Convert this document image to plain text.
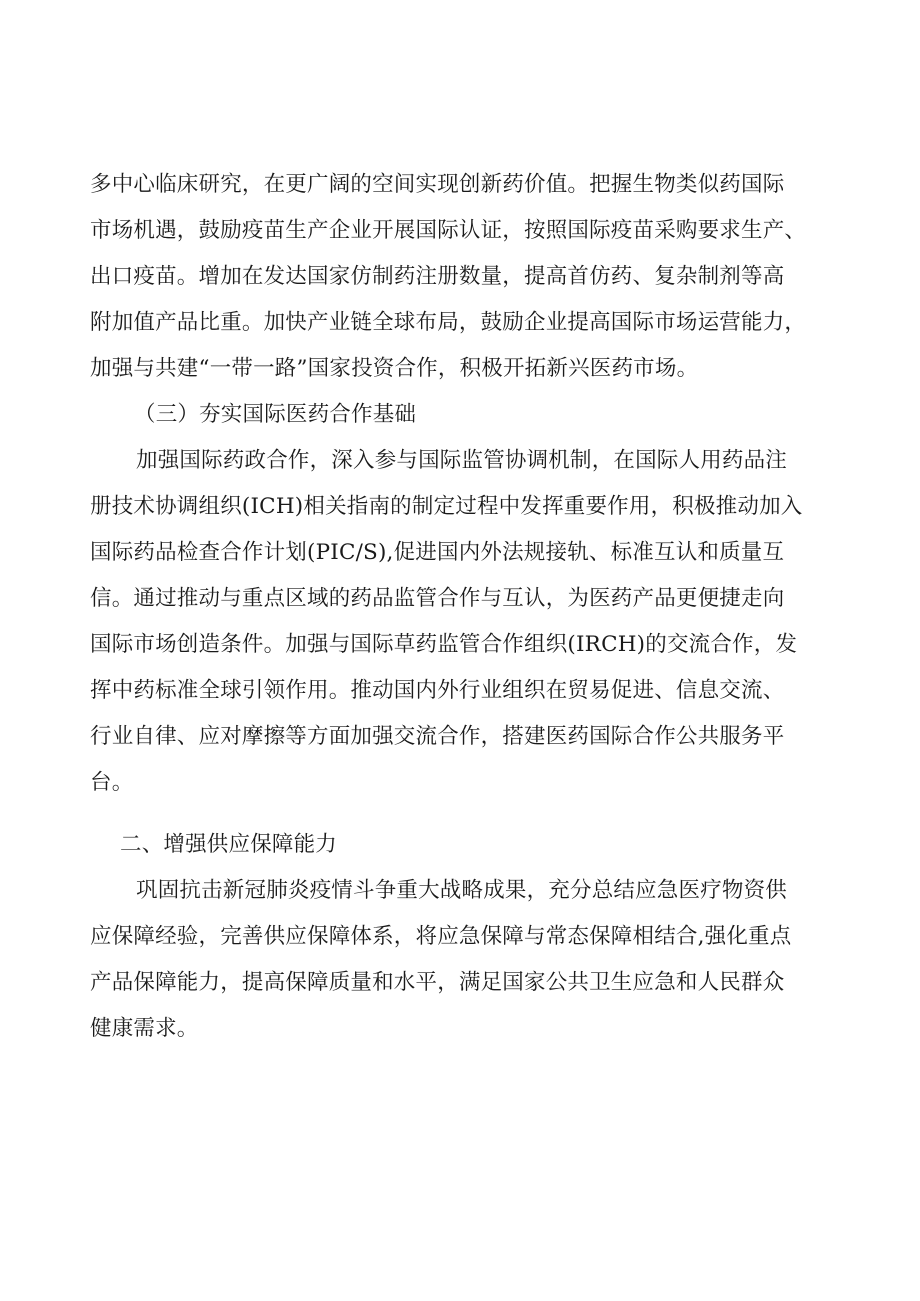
多中心临床研究，在更广阔的空间实现创新药价值。把握生物类似药国际
市场机遇，鼓励疫苗生产企业开展国际认证，按照国际疫苗采购要求生产、
出口疫苗。增加在发达国家仿制药注册数量，提高首仿药、复杂制剂等高
附加值产品比重。加快产业链全球布局，鼓励企业提高国际市场运营能力，
加强与共建“一带一路”国家投资合作，积极开拓新兴医药市场。
（三）夯实国际医药合作基础
加强国际药政合作，深入参与国际监管协调机制，在国际人用药品注
册技术协调组织(ICH)相关指南的制定过程中发挥重要作用，积极推动加入
国际药品检查合作计划(PIC/S),促进国内外法规接轨、标准互认和质量互
信。通过推动与重点区域的药品监管合作与互认，为医药产品更便捷走向
国际市场创造条件。加强与国际草药监管合作组织(IRCH)的交流合作，发
挥中药标准全球引领作用。推动国内外行业组织在贸易促进、信息交流、
行业自律、应对摩擦等方面加强交流合作，搭建医药国际合作公共服务平
台。
二、增强供应保障能力
巩固抗击新冠肺炎疫情斗争重大战略成果，充分总结应急医疗物资供
应保障经验，完善供应保障体系，将应急保障与常态保障相结合,强化重点
产品保障能力，提高保障质量和水平，满足国家公共卫生应急和人民群众
健康需求。
